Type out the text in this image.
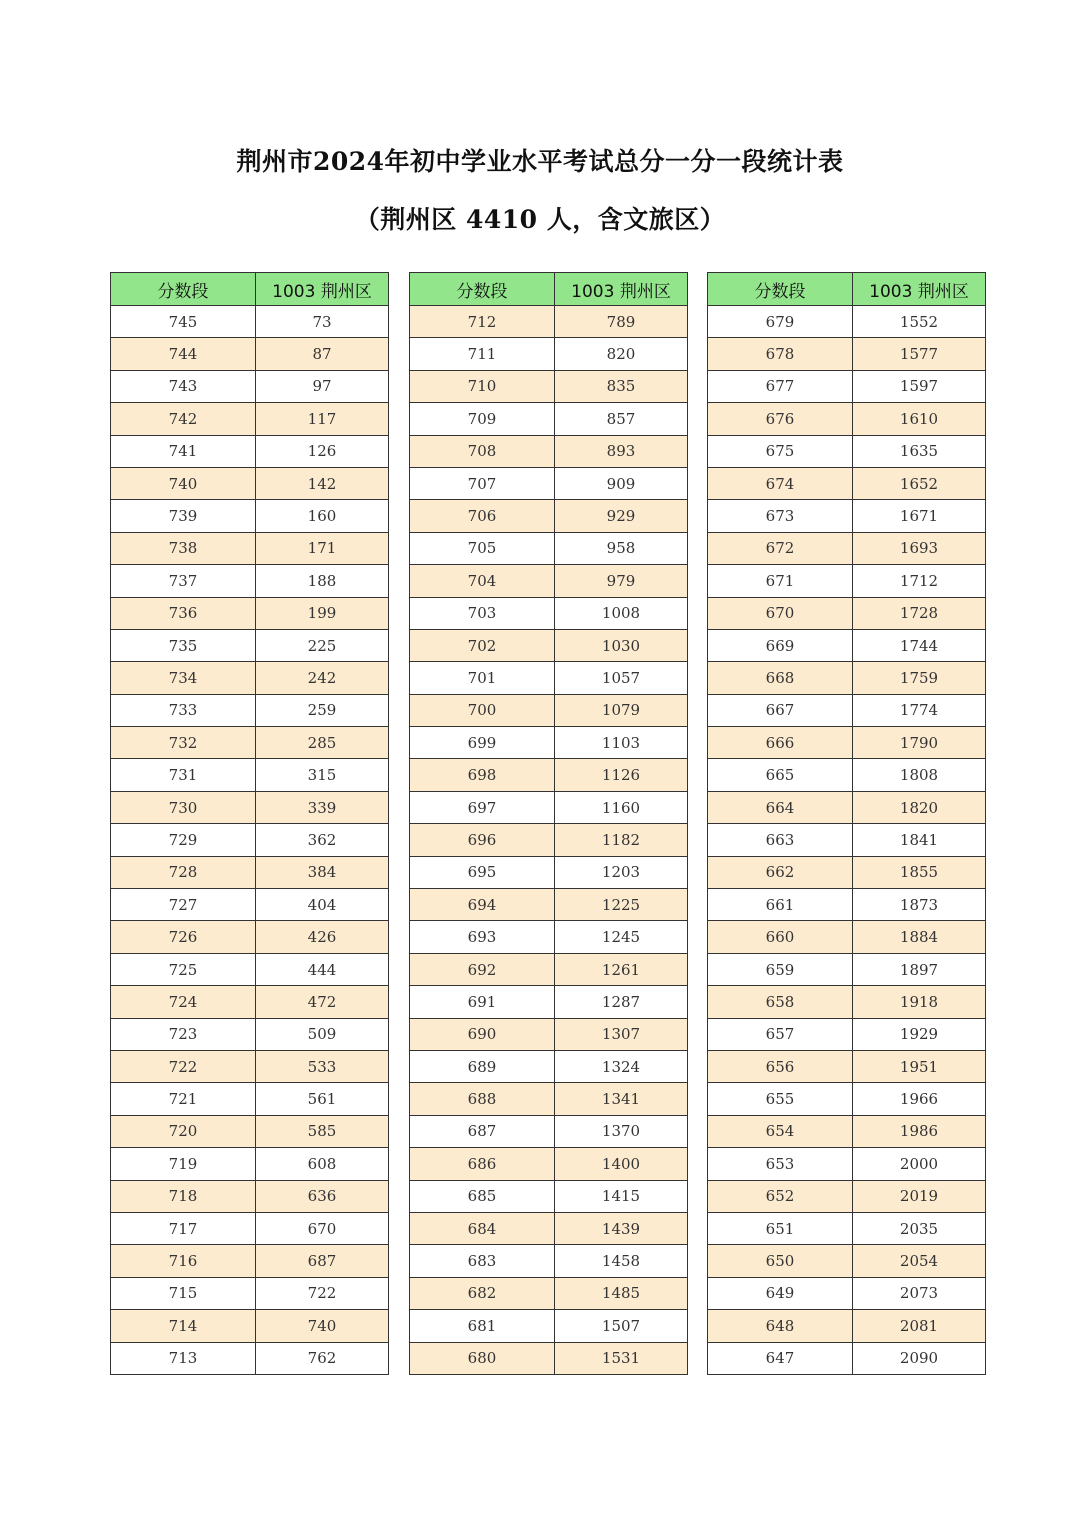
荆州市2024年初中学业水平考试总分一分一段统计表
（荆州区 4410 人，含文旅区）
分数段	1003 荆州区
745	73
744	87
743	97
742	117
741	126
740	142
739	160
738	171
737	188
736	199
735	225
734	242
733	259
732	285
731	315
730	339
729	362
728	384
727	404
726	426
725	444
724	472
723	509
722	533
721	561
720	585
719	608
718	636
717	670
716	687
715	722
714	740
713	762
分数段	1003 荆州区
712	789
711	820
710	835
709	857
708	893
707	909
706	929
705	958
704	979
703	1008
702	1030
701	1057
700	1079
699	1103
698	1126
697	1160
696	1182
695	1203
694	1225
693	1245
692	1261
691	1287
690	1307
689	1324
688	1341
687	1370
686	1400
685	1415
684	1439
683	1458
682	1485
681	1507
680	1531
分数段	1003 荆州区
679	1552
678	1577
677	1597
676	1610
675	1635
674	1652
673	1671
672	1693
671	1712
670	1728
669	1744
668	1759
667	1774
666	1790
665	1808
664	1820
663	1841
662	1855
661	1873
660	1884
659	1897
658	1918
657	1929
656	1951
655	1966
654	1986
653	2000
652	2019
651	2035
650	2054
649	2073
648	2081
647	2090
